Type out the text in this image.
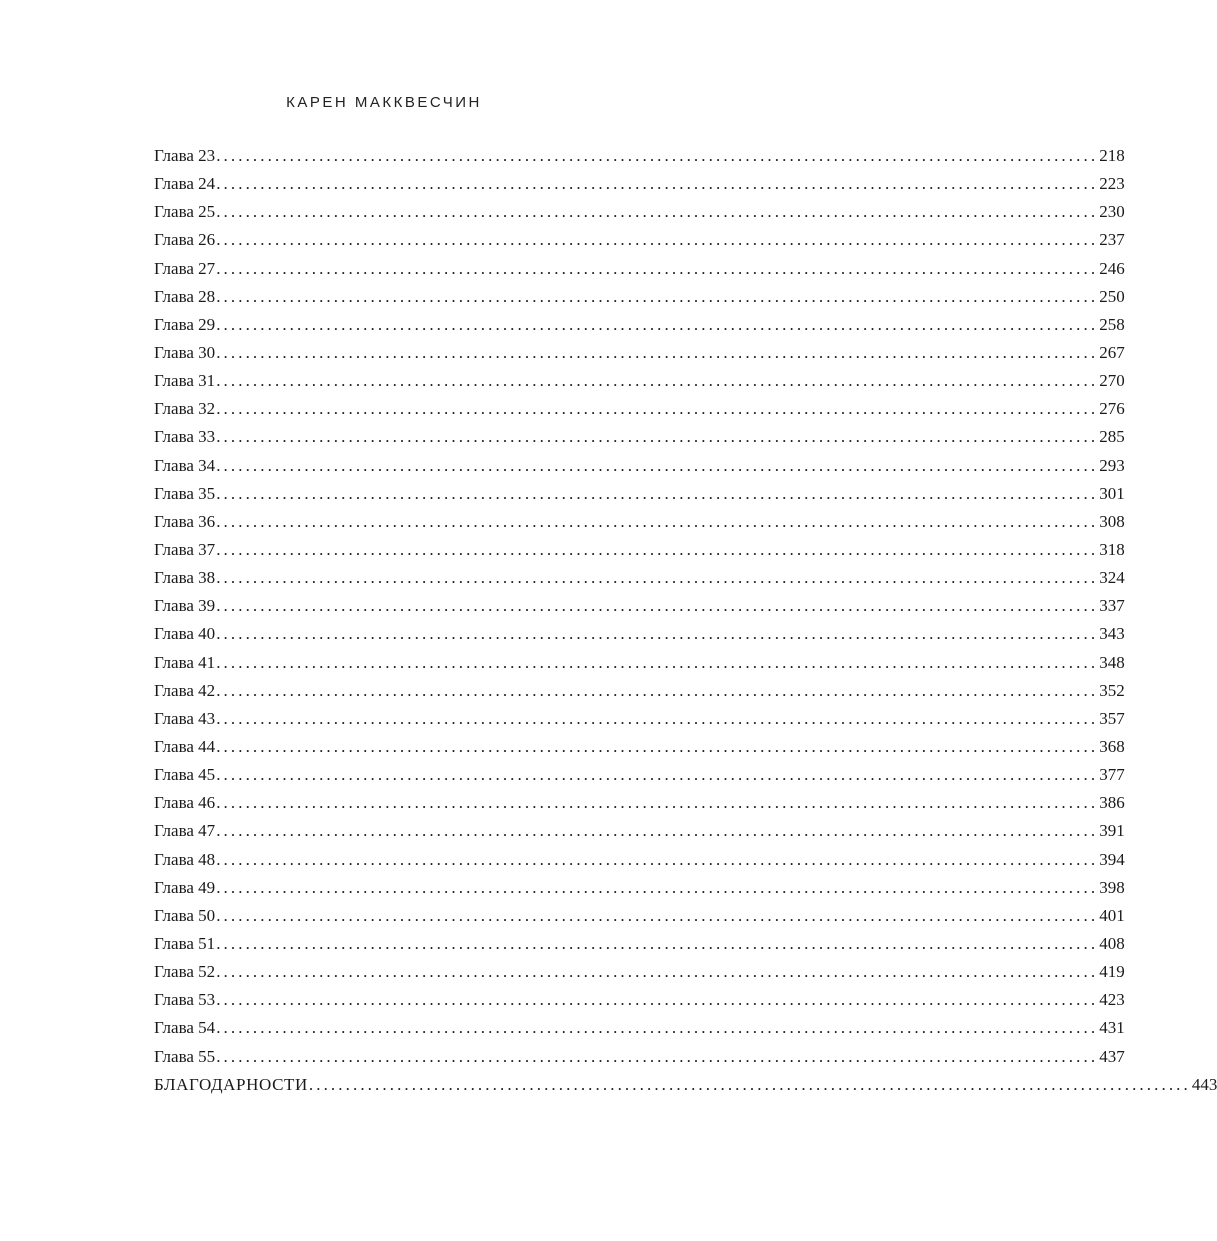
КАРЕН МАККВЕСЧИН
Глава 23 ........................................................................................................................ 218
Глава 24 ........................................................................................................................ 223
Глава 25 ........................................................................................................................ 230
Глава 26 ........................................................................................................................ 237
Глава 27 ........................................................................................................................ 246
Глава 28 ........................................................................................................................ 250
Глава 29 ........................................................................................................................ 258
Глава 30 ........................................................................................................................ 267
Глава 31 ........................................................................................................................ 270
Глава 32 ........................................................................................................................ 276
Глава 33 ........................................................................................................................ 285
Глава 34 ........................................................................................................................ 293
Глава 35 ........................................................................................................................ 301
Глава 36 ........................................................................................................................ 308
Глава 37 ........................................................................................................................ 318
Глава 38 ........................................................................................................................ 324
Глава 39 ........................................................................................................................ 337
Глава 40 ........................................................................................................................ 343
Глава 41 ........................................................................................................................ 348
Глава 42 ........................................................................................................................ 352
Глава 43 ........................................................................................................................ 357
Глава 44 ........................................................................................................................ 368
Глава 45 ........................................................................................................................ 377
Глава 46 ........................................................................................................................ 386
Глава 47 ........................................................................................................................ 391
Глава 48 ........................................................................................................................ 394
Глава 49 ........................................................................................................................ 398
Глава 50 ........................................................................................................................ 401
Глава 51 ........................................................................................................................ 408
Глава 52 ........................................................................................................................ 419
Глава 53 ........................................................................................................................ 423
Глава 54 ........................................................................................................................ 431
Глава 55 ........................................................................................................................ 437
БЛАГОДАРНОСТИ ........................................................................................................................ 443
